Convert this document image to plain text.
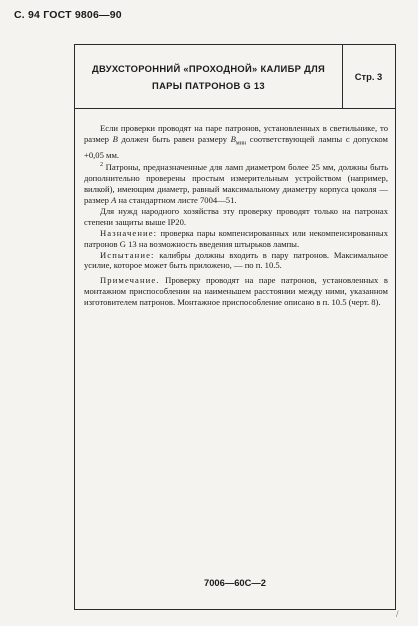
С. 94 ГОСТ 9806—90
ДВУХСТОРОННИЙ «ПРОХОДНОЙ» КАЛИБР ДЛЯ
ПАРЫ ПАТРОНОВ G 13
Стр. 3

Если проверки проводят на паре патронов, установленных в светильнике, то размер B должен быть равен размеру $B_{мин}$ соответствующей лампы с допуском +0,05 мм.

$^2$ Патроны, предназначенные для ламп диаметром более 25 мм, должны быть дополнительно проверены простым измерительным устройством (например, вилкой), имеющим диаметр, равный максимальному диаметру корпуса цоколя — размер A на стандартном листе 7004—51.

Для нужд народного хозяйства эту проверку проводят только на патронах степени защиты выше IP20.

Назначение: проверка пары компенсированных или некомпенсированных патронов G 13 на возможность введения штырьков лампы.

Испытание: калибры должны входить в пару патронов. Максимальное усилие, которое может быть приложено, — по п. 10.5.

Примечание. Проверку проводят на паре патронов, установленных в монтажном приспособлении на наименьшем расстоянии между ними, указанном изготовителем патронов. Монтажное приспособление описано в п. 10.5 (черт. 8).

7006—60С—2
/
